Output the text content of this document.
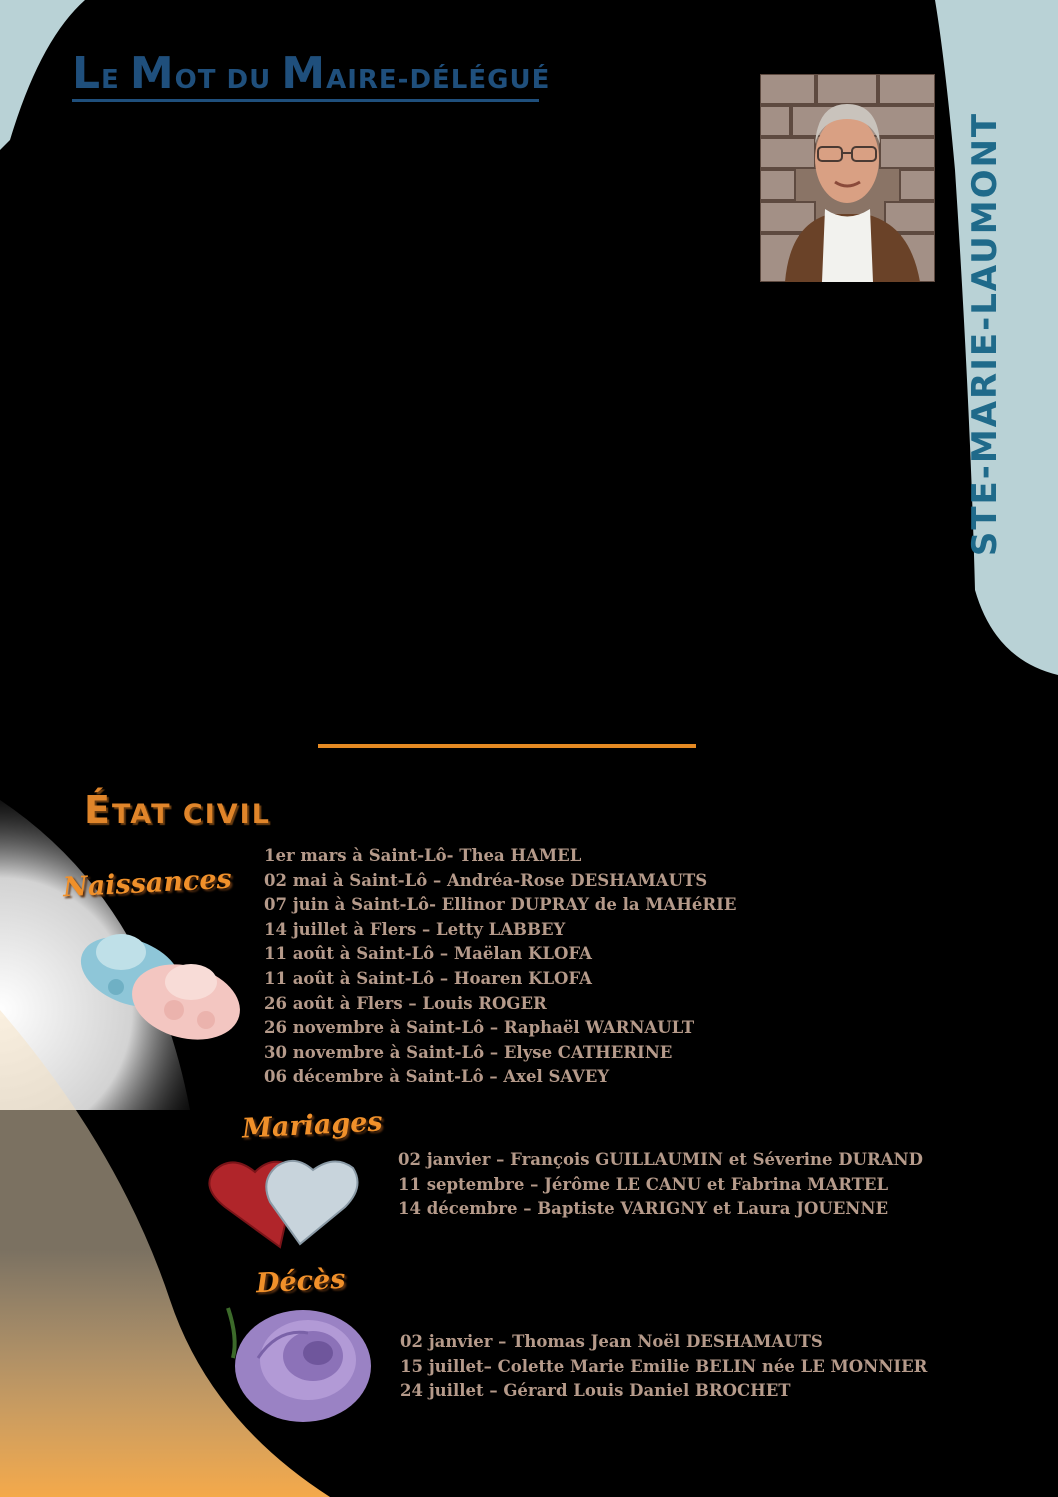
LE MOT DU MAIRE-DÉLÉGUÉ
STE-MARIE-LAUMONT
ÉTAT CIVIL
Naissances
1er mars à Saint-Lô- Thea HAMEL
02 mai à Saint-Lô – Andréa-Rose DESHAMAUTS
07 juin à Saint-Lô- Ellinor DUPRAY de la MAHéRIE
14 juillet à Flers – Letty LABBEY
11 août à Saint-Lô – Maëlan KLOFA
11 août à Saint-Lô – Hoaren KLOFA
26 août à Flers – Louis ROGER
26 novembre à Saint-Lô – Raphaël WARNAULT
30 novembre à Saint-Lô – Elyse CATHERINE
06 décembre à Saint-Lô – Axel SAVEY
Mariages
02 janvier – François GUILLAUMIN et Séverine DURAND
11 septembre – Jérôme LE CANU et Fabrina MARTEL
14 décembre – Baptiste VARIGNY et Laura JOUENNE
Décès
02 janvier – Thomas Jean Noël DESHAMAUTS
15 juillet– Colette Marie Emilie BELIN née LE MONNIER
24 juillet – Gérard Louis Daniel BROCHET
